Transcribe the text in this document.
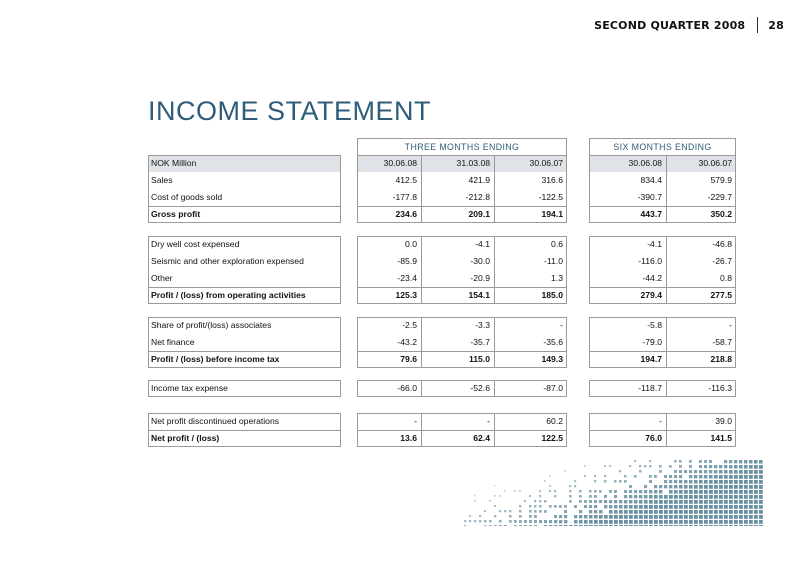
SECOND QUARTER 2008 28
INCOME STATEMENT
THREE MONTHS ENDING	SIX MONTHS ENDING
NOK Million	30.06.08	31.03.08	30.06.07	30.06.08	30.06.07
Sales	412.5	421.9	316.6	834.4	579.9
Cost of goods sold	-177.8	-212.8	-122.5	-390.7	-229.7
Gross profit	234.6	209.1	194.1	443.7	350.2
Dry well cost expensed	0.0	-4.1	0.6	-4.1	-46.8
Seismic and other exploration expensed	-85.9	-30.0	-11.0	-116.0	-26.7
Other	-23.4	-20.9	1.3	-44.2	0.8
Profit / (loss) from operating activities	125.3	154.1	185.0	279.4	277.5
Share of profit/(loss) associates	-2.5	-3.3	-	-5.8	-
Net finance	-43.2	-35.7	-35.6	-79.0	-58.7
Profit / (loss) before income tax	79.6	115.0	149.3	194.7	218.8
Income tax expense	-66.0	-52.6	-87.0	-118.7	-116.3
Net profit discontinued operations	-	-	60.2	-	39.0
Net profit / (loss)	13.6	62.4	122.5	76.0	141.5
